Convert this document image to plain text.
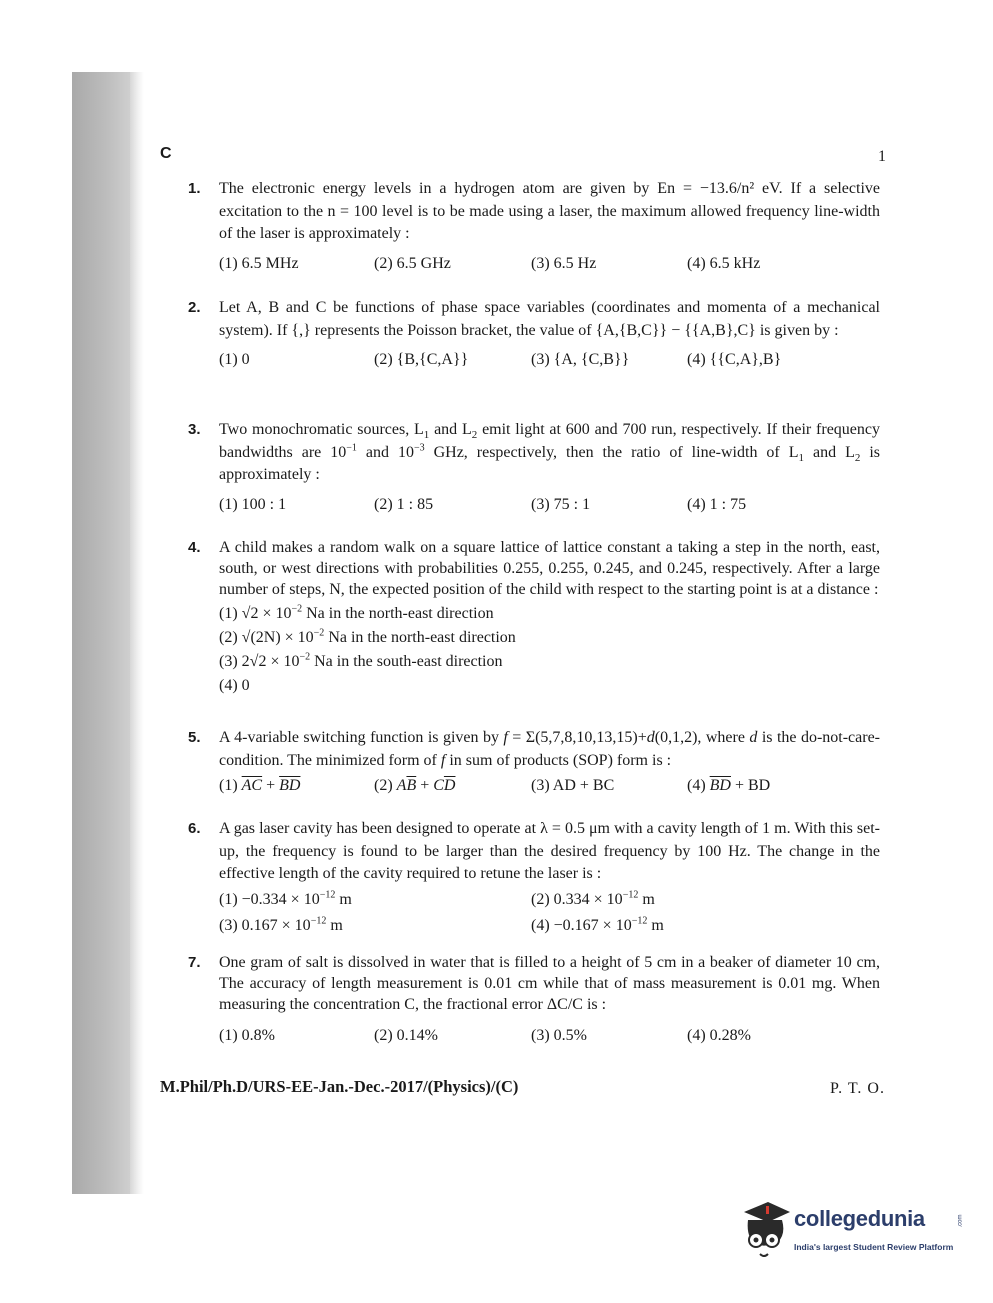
C	1
1.	The electronic energy levels in a hydrogen atom are given by En = −13.6/n² eV. If a selective excitation to the n = 100 level is to be made using a laser, the maximum allowed frequency line-width of the laser is approximately :
(1) 6.5 MHz	(2) 6.5 GHz	(3) 6.5 Hz	(4) 6.5 kHz
2.	Let A, B and C be functions of phase space variables (coordinates and momenta of a mechanical system). If {,} represents the Poisson bracket, the value of {A,{B,C}} − {{A,B},C} is given by :
(1) 0	(2) {B,{C,A}}	(3) {A, {C,B}}	(4) {{C,A},B}
3.	Two monochromatic sources, $L_1$ and $L_2$ emit light at 600 and 700 run, respectively. If their frequency bandwidths are $10^{-1}$ and $10^{-3}$ GHz, respectively, then the ratio of line-width of $L_1$ and $L_2$ is approximately :
(1) 100 : 1	(2) 1 : 85	(3) 75 : 1	(4) 1 : 75
4.	A child makes a random walk on a square lattice of lattice constant a taking a step in the north, east, south, or west directions with probabilities 0.255, 0.255, 0.245, and 0.245, respectively. After a large number of steps, N, the expected position of the child with respect to the starting point is at a distance :
(1) $√2 \times 10^{-2}$ Na in the north-east direction
(2) $√(2N) \times 10^{-2}$ Na in the north-east direction
(3) $2√2 \times 10^{-2}$ Na in the south-east direction
(4) 0
5.	A 4-variable switching function is given by f = Σ(5,7,8,10,13,15)+d(0,1,2), where d is the do-not-care-condition. The minimized form of f in sum of products (SOP) form is :
(1) $\overline{AC} + \overline{BD}$	(2) $A\overline{B} + C\overline{D}$	(3) AD + BC	(4) $\overline{BD}$ + BD
6.	A gas laser cavity has been designed to operate at λ = 0.5 μm with a cavity length of 1 m. With this set-up, the frequency is found to be larger than the desired frequency by 100 Hz. The change in the effective length of the cavity required to retune the laser is :
$(1) -0.334 \times 10^{-12}$ m	(2) $0.334 \times 10^{-12}$ m
(3) $0.167 \times 10^{-12}$ m	$(4) -0.167 \times 10^{-12}$ m
7.	One gram of salt is dissolved in water that is filled to a height of 5 cm in a beaker of diameter 10 cm, The accuracy of length measurement is 0.01 cm while that of mass measurement is 0.01 mg. When measuring the concentration C, the fractional error ΔC/C is :
(1) 0.8%	(2) 0.14%	(3) 0.5%	(4) 0.28%
M.Phil/Ph.D/URS-EE-Jan.-Dec.-2017/(Physics)/(C)	P. T. O.
collegedunia	.com
India's largest Student Review Platform
